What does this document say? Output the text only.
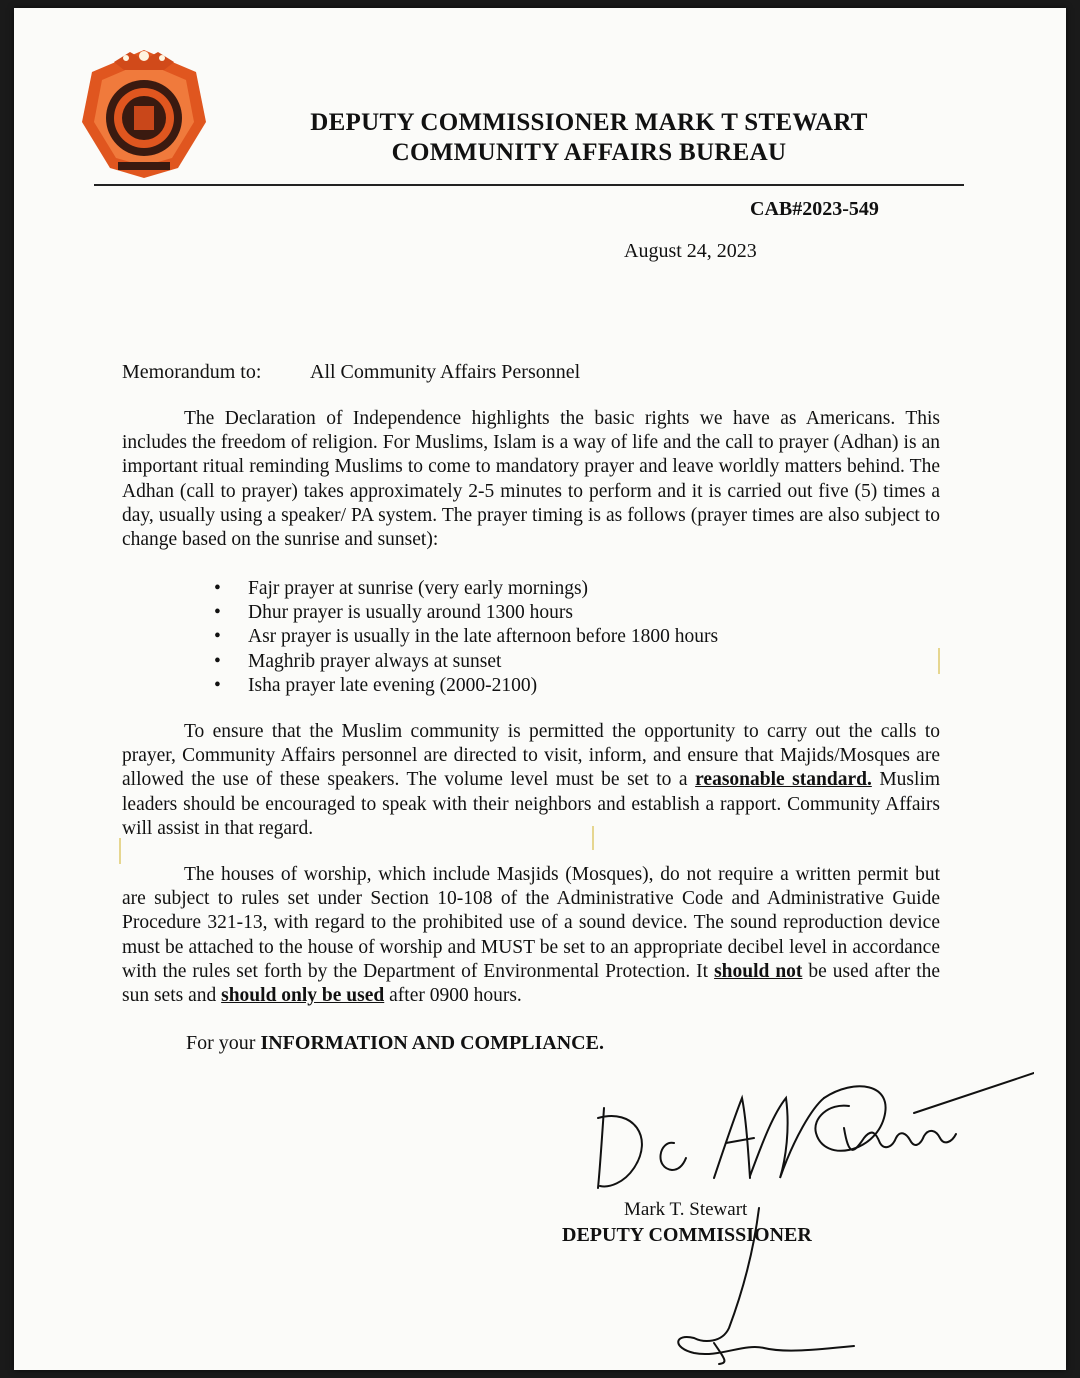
DEPUTY COMMISSIONER MARK T STEWART
COMMUNITY AFFAIRS BUREAU
CAB#2023-549
August 24, 2023
Memorandum to: All Community Affairs Personnel

The Declaration of Independence highlights the basic rights we have as Americans. This includes the freedom of religion. For Muslims, Islam is a way of life and the call to prayer (Adhan) is an important ritual reminding Muslims to come to mandatory prayer and leave worldly matters behind. The Adhan (call to prayer) takes approximately 2-5 minutes to perform and it is carried out five (5) times a day, usually using a speaker/ PA system. The prayer timing is as follows (prayer times are also subject to change based on the sunrise and sunset):

• Fajr prayer at sunrise (very early mornings)
• Dhur prayer is usually around 1300 hours
• Asr prayer is usually in the late afternoon before 1800 hours
• Maghrib prayer always at sunset
• Isha prayer late evening (2000-2100)

To ensure that the Muslim community is permitted the opportunity to carry out the calls to prayer, Community Affairs personnel are directed to visit, inform, and ensure that Majids/Mosques are allowed the use of these speakers. The volume level must be set to a reasonable standard. Muslim leaders should be encouraged to speak with their neighbors and establish a rapport. Community Affairs will assist in that regard.

The houses of worship, which include Masjids (Mosques), do not require a written permit but are subject to rules set under Section 10-108 of the Administrative Code and Administrative Guide Procedure 321-13, with regard to the prohibited use of a sound device. The sound reproduction device must be attached to the house of worship and MUST be set to an appropriate decibel level in accordance with the rules set forth by the Department of Environmental Protection. It should not be used after the sun sets and should only be used after 0900 hours.

For your INFORMATION AND COMPLIANCE.
Mark T. Stewart
DEPUTY COMMISSIONER
